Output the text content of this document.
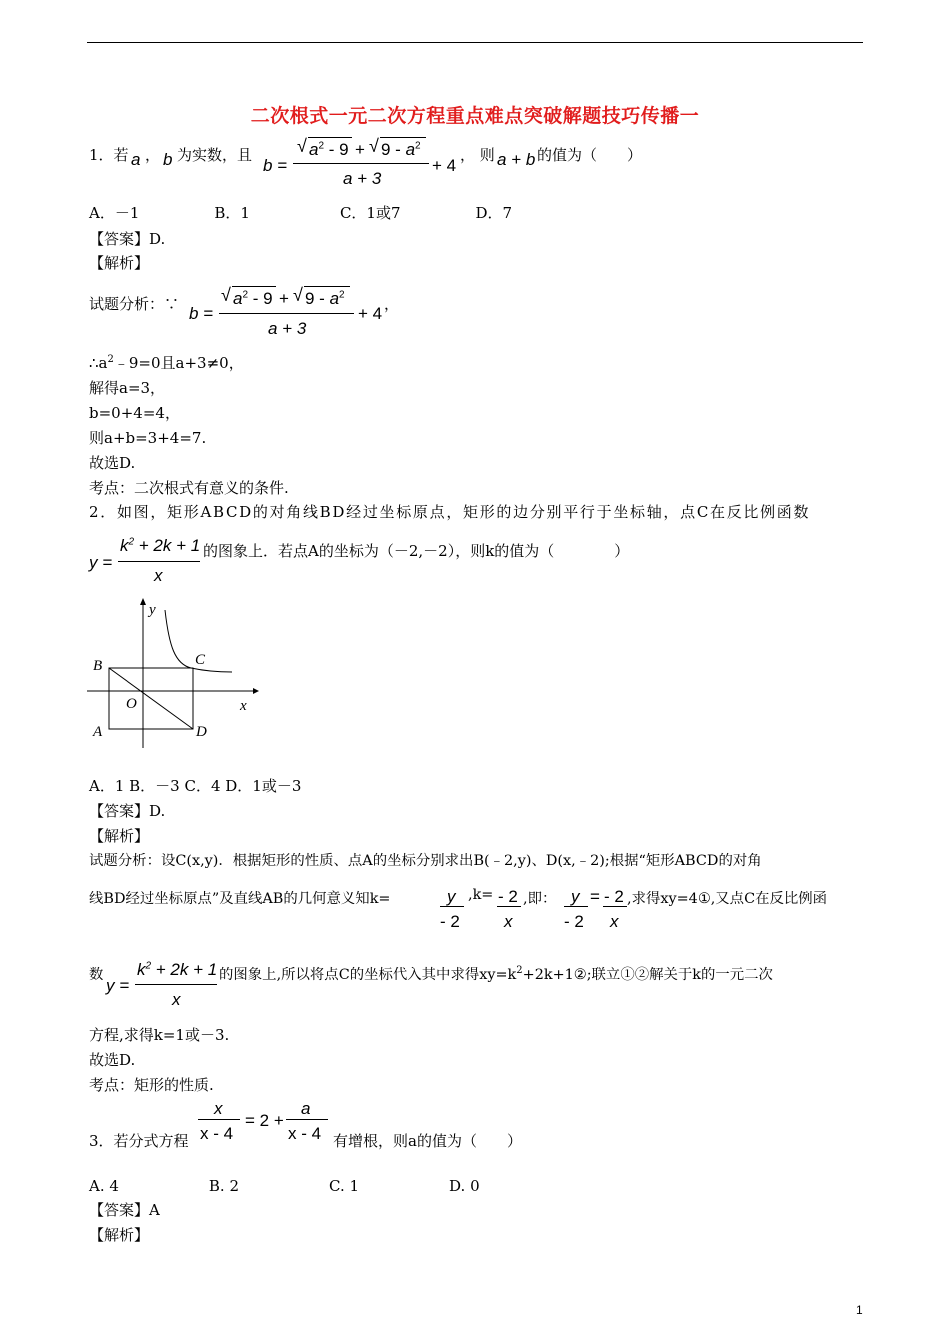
二次根式一元二次方程重点难点突破解题技巧传播一
1．若 a ， b 为实数，且
b =
√ $a^2 - 9$ + √ $9 - a^2$
a + 3
+ 4
， 则 a + b 的值为（　　）
A．－1　　　　　B．1　　　　　　C．1或7　　　　　D．7
【答案】D.
【解析】
试题分析：∵ b =
√ $a^2 - 9$ + √ $9 - a^2$
a + 3
+ 4 ，
$\therefore a^2﹣9=0$且a+3≠0，
解得a=3，
b=0+4=4，
则a+b=3+4=7.
故选D.
考点：二次根式有意义的条件.
2．如图，矩形ABCD的对角线BD经过坐标原点，矩形的边分别平行于坐标轴，点C在反比例函数
y =
$k^2 + 2k + 1$
x
的图象上．若点A的坐标为（－2,－2），则k的值为（　　　　）
y
x
O
A
B	C
D
A．1 B．－3 C．4 D．1或－3
【答案】D.
【解析】
试题分析：设C(x,y)．根据矩形的性质、点A的坐标分别求出B(﹣2,y)、D(x,﹣2);根据“矩形ABCD的对角
线BD经过坐标原点”及直线AB的几何意义知k=	y
- 2
,k= - 2
x
,即： y
- 2
= - 2
x
,求得xy=4①,又点C在反比例函
数
y =
$k^2 + 2k + 1$
x
的图象上,所以将点C的坐标代入其中求得$xy=k^2+2k+1②$;联立①②解关于k的一元二次
方程,求得k=1或－3.
故选D.
考点：矩形的性质.
3．若分式方程
x
x - 4
= 2 +
a
x - 4 有增根，则a的值为（　　）
A. 4　　　　　　B. 2　　　　　　C. 1　　　　　　D. 0
【答案】A
【解析】
1
